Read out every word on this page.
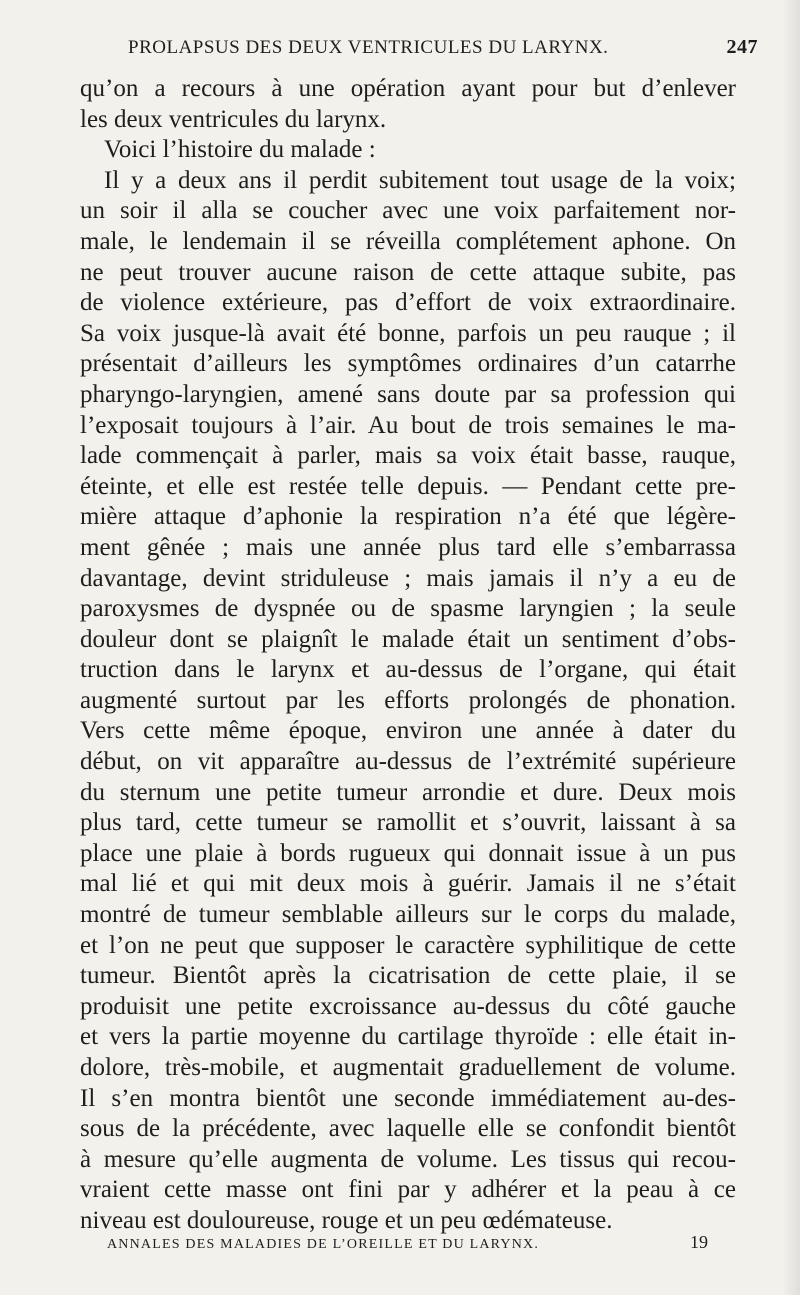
PROLAPSUS DES DEUX VENTRICULES DU LARYNX.	247
qu’on a recours à une opération ayant pour but d’enlever
les deux ventricules du larynx.
Voici l’histoire du malade :
Il y a deux ans il perdit subitement tout usage de la voix;
un soir il alla se coucher avec une voix parfaitement nor-
male, le lendemain il se réveilla complétement aphone. On
ne peut trouver aucune raison de cette attaque subite, pas
de violence extérieure, pas d’effort de voix extraordinaire.
Sa voix jusque-là avait été bonne, parfois un peu rauque ; il
présentait d’ailleurs les symptômes ordinaires d’un catarrhe
pharyngo-laryngien, amené sans doute par sa profession qui
l’exposait toujours à l’air. Au bout de trois semaines le ma-
lade commençait à parler, mais sa voix était basse, rauque,
éteinte, et elle est restée telle depuis. — Pendant cette pre-
mière attaque d’aphonie la respiration n’a été que légère-
ment gênée ; mais une année plus tard elle s’embarrassa
davantage, devint striduleuse ; mais jamais il n’y a eu de
paroxysmes de dyspnée ou de spasme laryngien ; la seule
douleur dont se plaignît le malade était un sentiment d’obs-
truction dans le larynx et au-dessus de l’organe, qui était
augmenté surtout par les efforts prolongés de phonation.
Vers cette même époque, environ une année à dater du
début, on vit apparaître au-dessus de l’extrémité supérieure
du sternum une petite tumeur arrondie et dure. Deux mois
plus tard, cette tumeur se ramollit et s’ouvrit, laissant à sa
place une plaie à bords rugueux qui donnait issue à un pus
mal lié et qui mit deux mois à guérir. Jamais il ne s’était
montré de tumeur semblable ailleurs sur le corps du malade,
et l’on ne peut que supposer le caractère syphilitique de cette
tumeur. Bientôt après la cicatrisation de cette plaie, il se
produisit une petite excroissance au-dessus du côté gauche
et vers la partie moyenne du cartilage thyroïde : elle était in-
dolore, très-mobile, et augmentait graduellement de volume.
Il s’en montra bientôt une seconde immédiatement au-des-
sous de la précédente, avec laquelle elle se confondit bientôt
à mesure qu’elle augmenta de volume. Les tissus qui recou-
vraient cette masse ont fini par y adhérer et la peau à ce
niveau est douloureuse, rouge et un peu œdémateuse.
ANNALES DES MALADIES DE L’OREILLE ET DU LARYNX.	19
